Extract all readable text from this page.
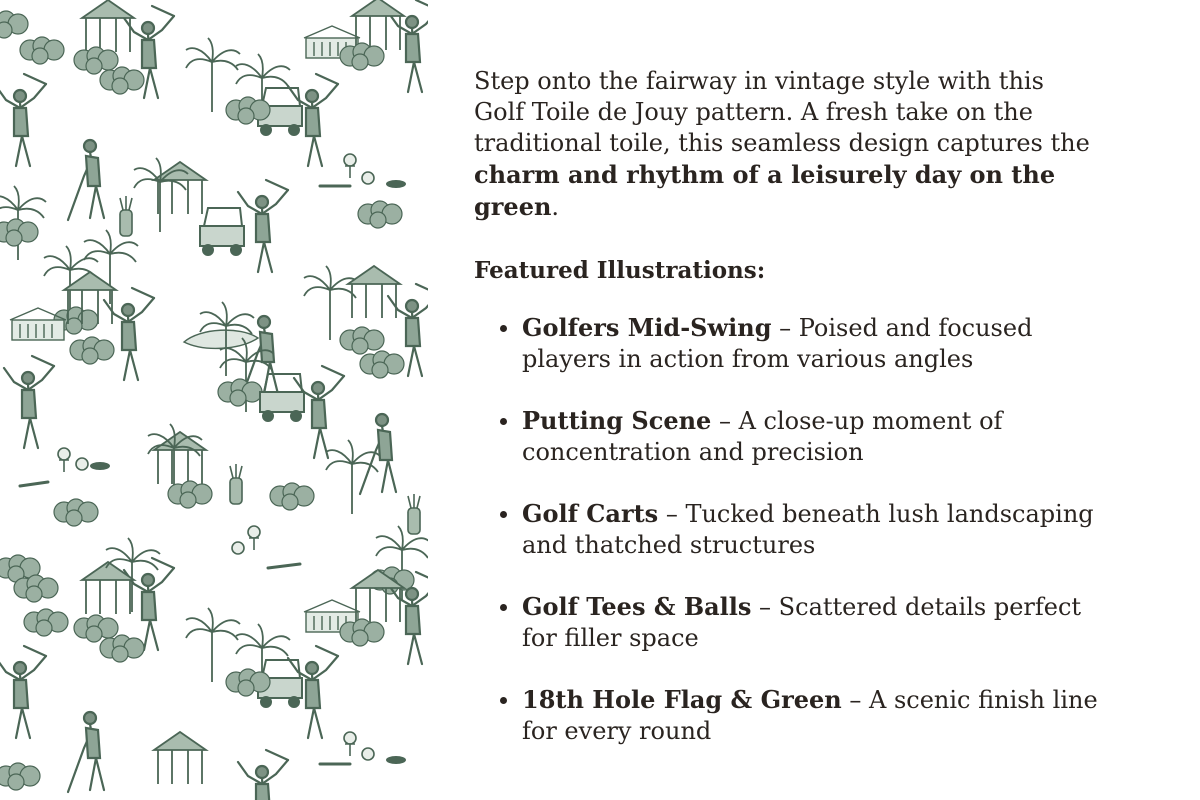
Step onto the fairway in vintage style with this Golf Toile de Jouy pattern. A fresh take on the traditional toile, this seamless design captures the charm and rhythm of a leisurely day on the green.

Featured Illustrations:

Golfers Mid-Swing – Poised and focused players in action from various angles
Putting Scene – A close-up moment of concentration and precision
Golf Carts – Tucked beneath lush landscaping and thatched structures
Golf Tees & Balls – Scattered details perfect for filler space
18th Hole Flag & Green – A scenic finish line for every round
